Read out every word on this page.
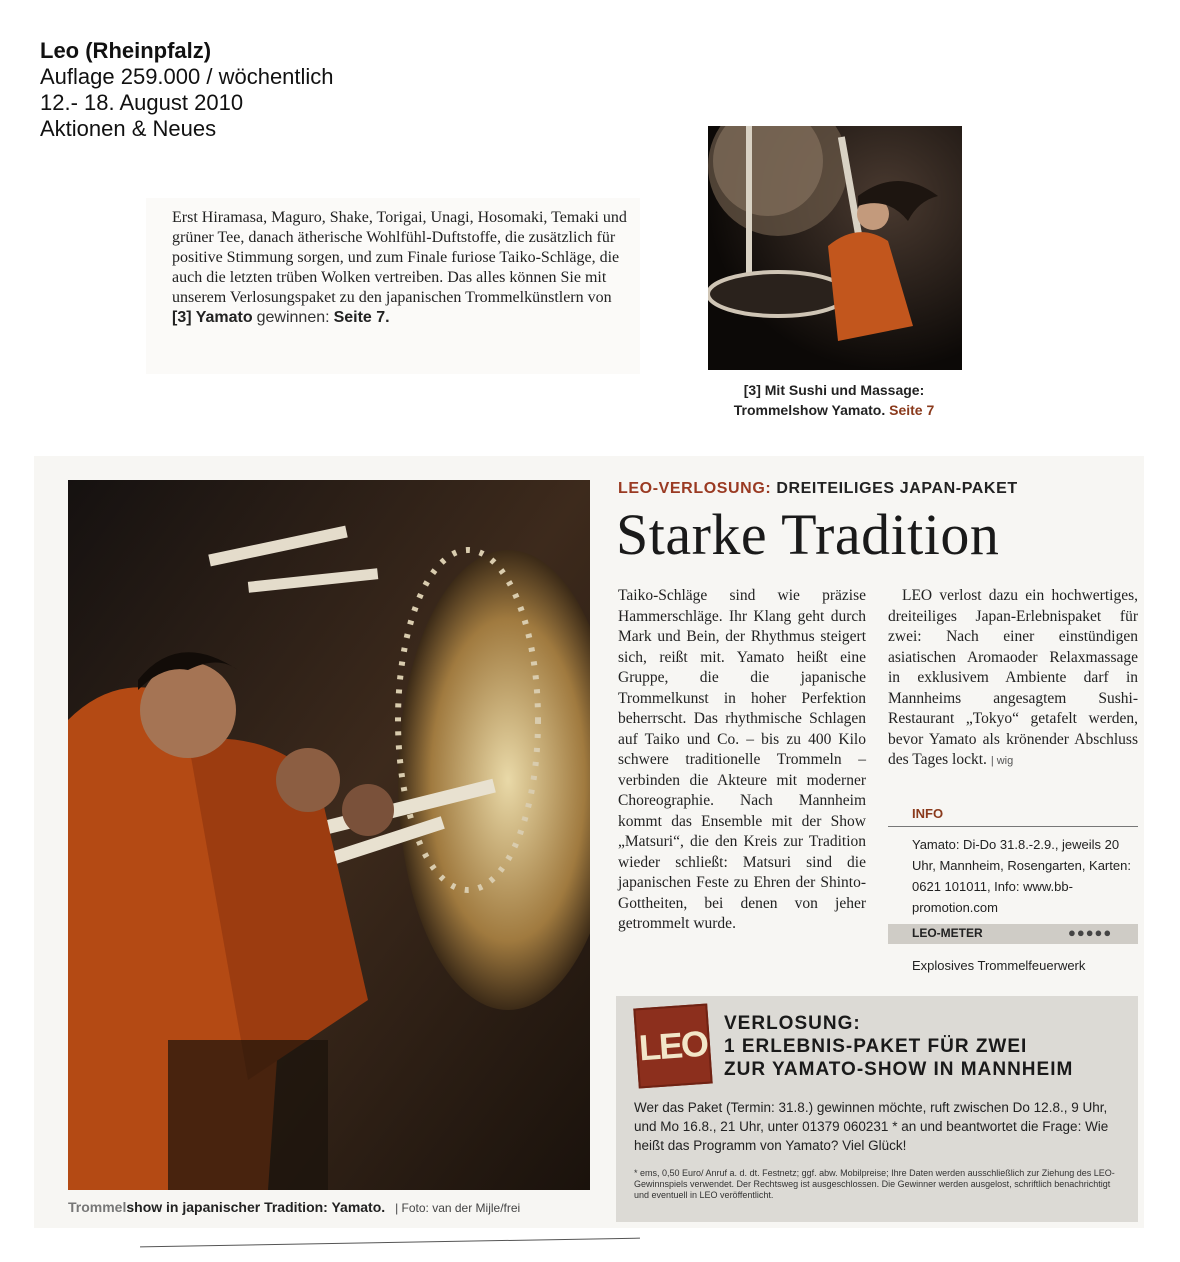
Leo (Rheinpfalz)
Auflage 259.000 / wöchentlich
12.- 18. August 2010
Aktionen & Neues
Erst Hiramasa, Maguro, Shake, Torigai, Unagi, Hosomaki, Temaki und grüner Tee, danach ätherische Wohlfühl-Duftstoffe, die zusätzlich für positive Stimmung sorgen, und zum Finale furiose Taiko-Schläge, die auch die letzten trüben Wolken vertreiben. Das alles können Sie mit unserem Verlosungspaket zu den japanischen Trommelkünstlern von [3] Yamato gewinnen: Seite 7.
[3] Mit Sushi und Massage:
Trommelshow Yamato. Seite 7
Trommelshow in japanischer Tradition: Yamato. | Foto: van der Mijle/frei
LEO-VERLOSUNG: DREITEILIGES JAPAN-PAKET
Starke Tradition
Taiko-Schläge sind wie präzise Hammerschläge. Ihr Klang geht durch Mark und Bein, der Rhythmus steigert sich, reißt mit. Yamato heißt eine Gruppe, die die japanische Trommelkunst in hoher Perfektion beherrscht. Das rhythmische Schlagen auf Taiko und Co. – bis zu 400 Kilo schwere traditionelle Trommeln – verbinden die Akteure mit moderner Choreographie. Nach Mannheim kommt das Ensemble mit der Show „Matsuri“, die den Kreis zur Tradition wieder schließt: Matsuri sind die japanischen Feste zu Ehren der Shinto-Gottheiten, bei denen von jeher getrommelt wurde.
LEO verlost dazu ein hochwertiges, dreiteiliges Japan-Erlebnispaket für zwei: Nach einer einstündigen asiatischen Aromaoder Relaxmassage in exklusivem Ambiente darf in Mannheims angesagtem Sushi-Restaurant „Tokyo“ getafelt werden, bevor Yamato als krönender Abschluss des Tages lockt. | wig
INFO
Yamato: Di-Do 31.8.-2.9., jeweils 20 Uhr, Mannheim, Rosengarten, Karten: 0621 101011, Info: www.bb-promotion.com
LEO-METER	●●●●●
Explosives Trommelfeuerwerk
LEO VERLOSUNG:
1 ERLEBNIS-PAKET FÜR ZWEI
ZUR YAMATO-SHOW IN MANNHEIM
Wer das Paket (Termin: 31.8.) gewinnen möchte, ruft zwischen Do 12.8., 9 Uhr, und Mo 16.8., 21 Uhr, unter 01379 060231 * an und beantwortet die Frage: Wie heißt das Programm von Yamato? Viel Glück!
* ems, 0,50 Euro/ Anruf a. d. dt. Festnetz; ggf. abw. Mobilpreise; Ihre Daten werden ausschließlich zur Ziehung des LEO-Gewinnspiels verwendet. Der Rechtsweg ist ausgeschlossen. Die Gewinner werden ausgelost, schriftlich benachrichtigt und eventuell in LEO veröffentlicht.
